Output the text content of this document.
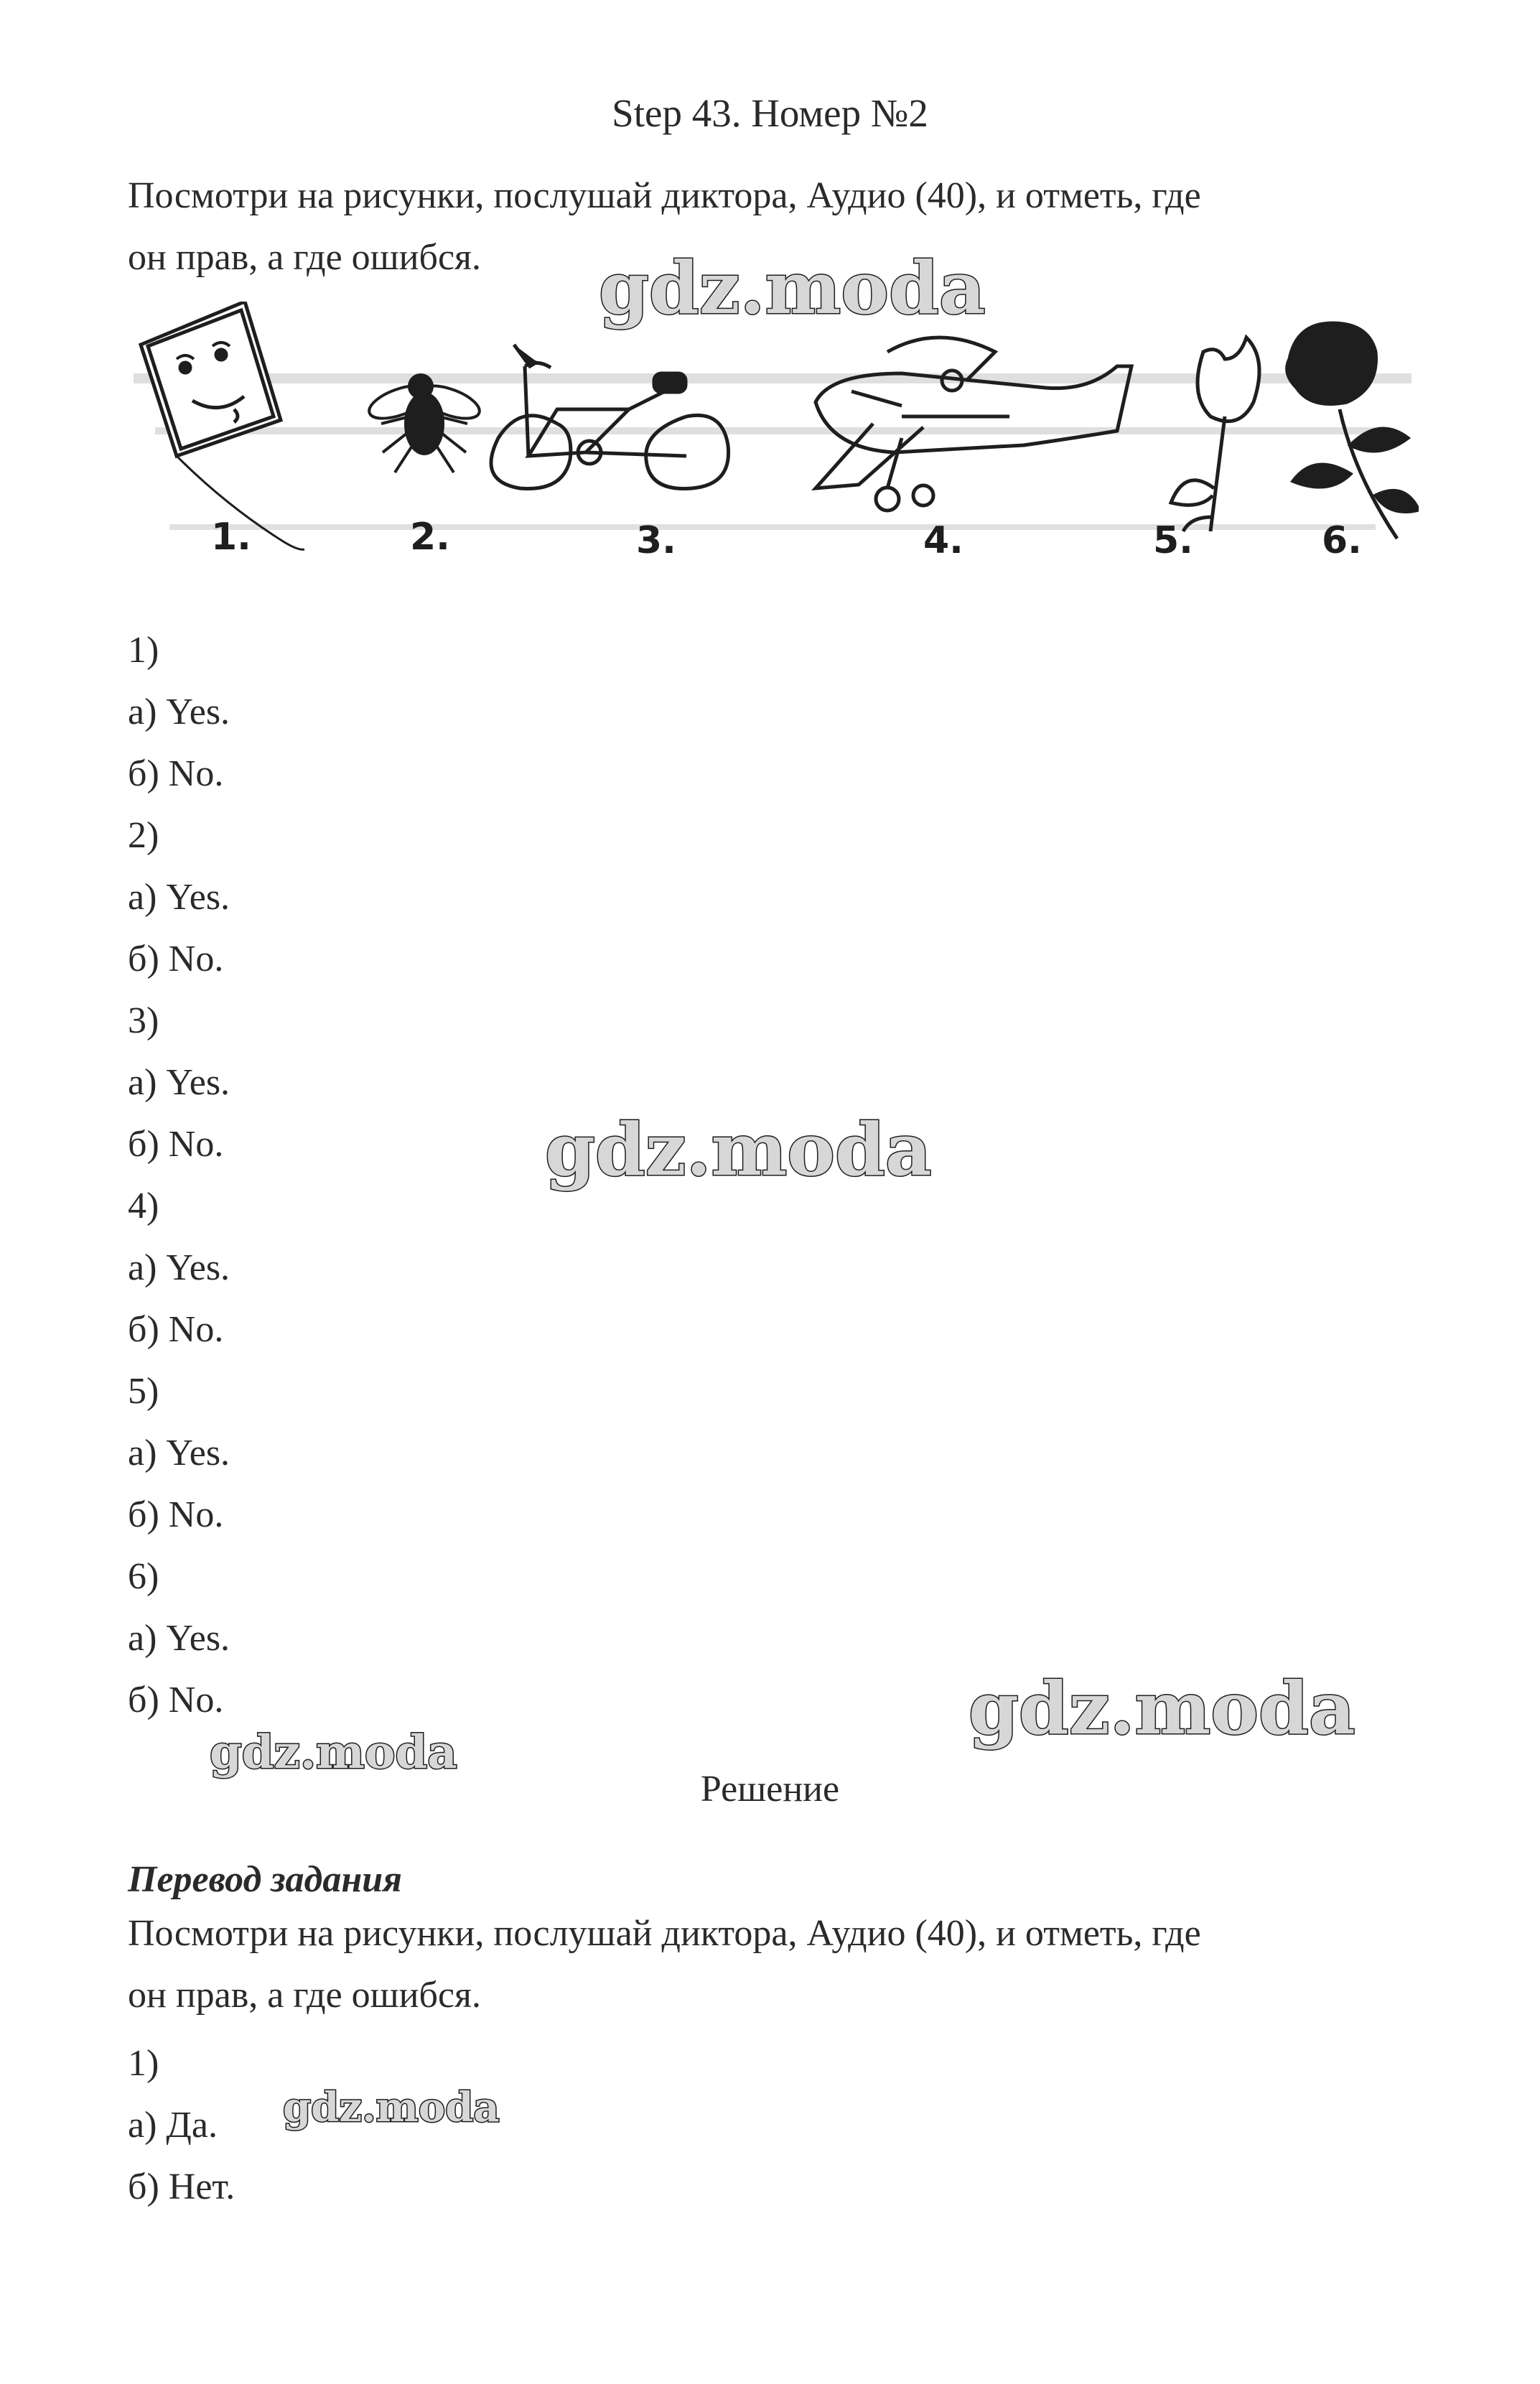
Step 43. Номер №2

Посмотри на рисунки, послушай диктора, Аудио (40), и отметь, где

он прав, а где ошибся.

1.	2.	3.	4.	5.	6.
1)
а) Yes.
б) No.
2)
а) Yes.
б) No.
3)
а) Yes.
б) No.
4)
а) Yes.
б) No.
5)
а) Yes.
б) No.
6)
а) Yes.
б) No.
Решение
Перевод задания

Посмотри на рисунки, послушай диктора, Аудио (40), и отметь, где

он прав, а где ошибся.

1)
а) Да.
б) Нет.
gdz.moda
gdz.moda
gdz.moda
gdz.moda
gdz.moda
